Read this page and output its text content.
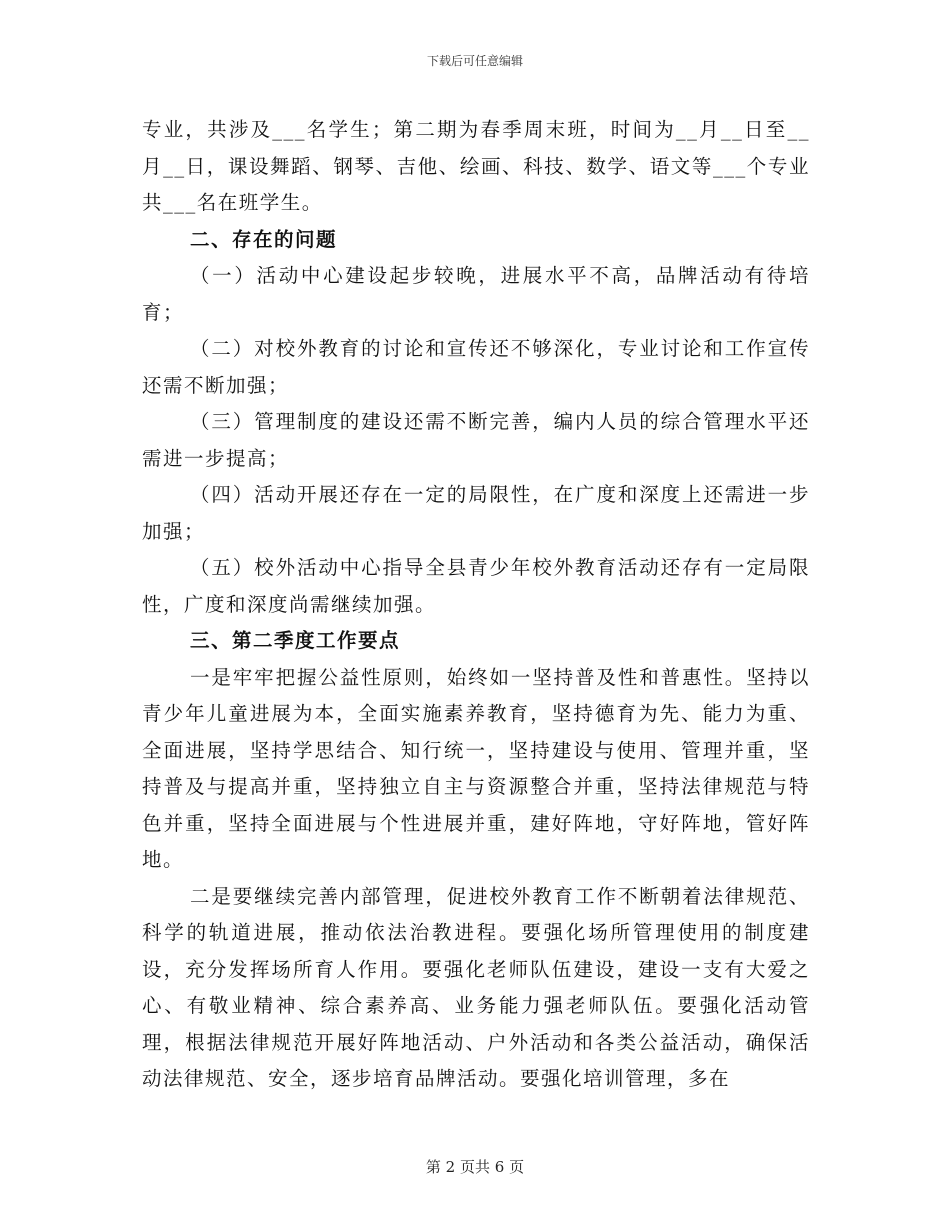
下载后可任意编辑

专业，共涉及___名学生；第二期为春季周末班，时间为__月__日至__月__日，课设舞蹈、钢琴、吉他、绘画、科技、数学、语文等___个专业共___名在班学生。

二、存在的问题

（一）活动中心建设起步较晚，进展水平不高，品牌活动有待培育；

（二）对校外教育的讨论和宣传还不够深化，专业讨论和工作宣传还需不断加强；

（三）管理制度的建设还需不断完善，编内人员的综合管理水平还需进一步提高；

（四）活动开展还存在一定的局限性，在广度和深度上还需进一步加强；

（五）校外活动中心指导全县青少年校外教育活动还存有一定局限性，广度和深度尚需继续加强。

三、第二季度工作要点

一是牢牢把握公益性原则，始终如一坚持普及性和普惠性。坚持以青少年儿童进展为本，全面实施素养教育，坚持德育为先、能力为重、全面进展，坚持学思结合、知行统一，坚持建设与使用、管理并重，坚持普及与提高并重，坚持独立自主与资源整合并重，坚持法律规范与特色并重，坚持全面进展与个性进展并重，建好阵地，守好阵地，管好阵地。

二是要继续完善内部管理，促进校外教育工作不断朝着法律规范、科学的轨道进展，推动依法治教进程。要强化场所管理使用的制度建设，充分发挥场所育人作用。要强化老师队伍建设，建设一支有大爱之心、有敬业精神、综合素养高、业务能力强老师队伍。要强化活动管理，根据法律规范开展好阵地活动、户外活动和各类公益活动，确保活动法律规范、安全，逐步培育品牌活动。要强化培训管理，多在

第 2 页共 6 页
